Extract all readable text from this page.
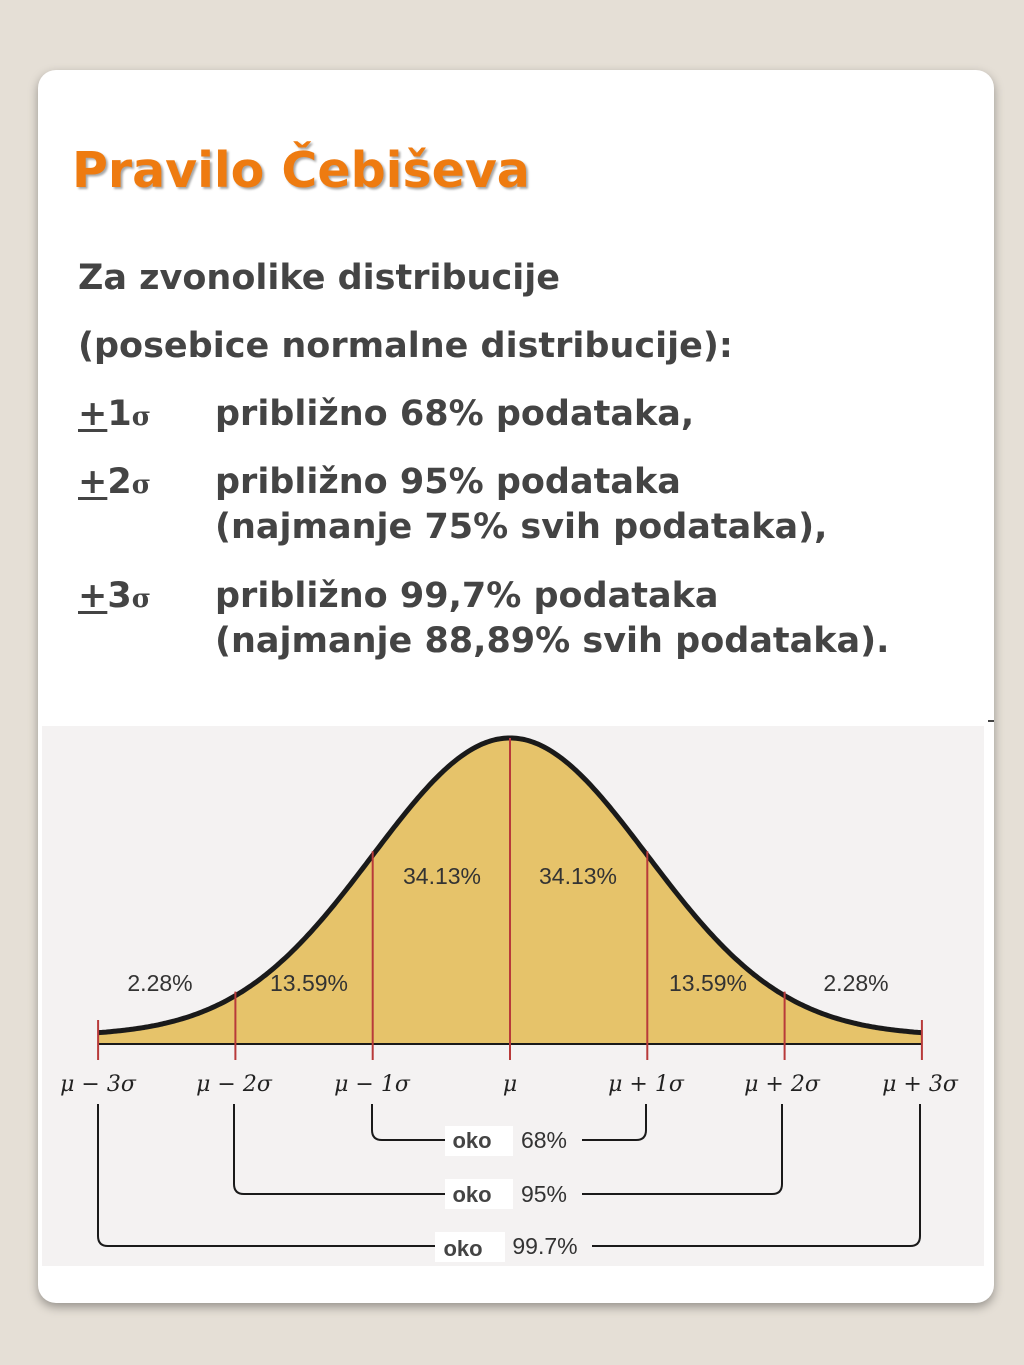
Pravilo Čebiševa
Za zvonolike distribucije
(posebice normalne distribucije):
+1σ približno 68% podataka,
+2σ približno 95% podataka
(najmanje 75% svih podataka),
+3σ približno 99,7% podataka
(najmanje 88,89% svih podataka).
2.28%	13.59%
34.13%	34.13%
13.59%	2.28%
μ − 3σ	μ − 2σ	μ − 1σ	μ	μ + 1σ	μ + 2σ	μ + 3σ
oko 68%
oko 95%
oko 99.7%
